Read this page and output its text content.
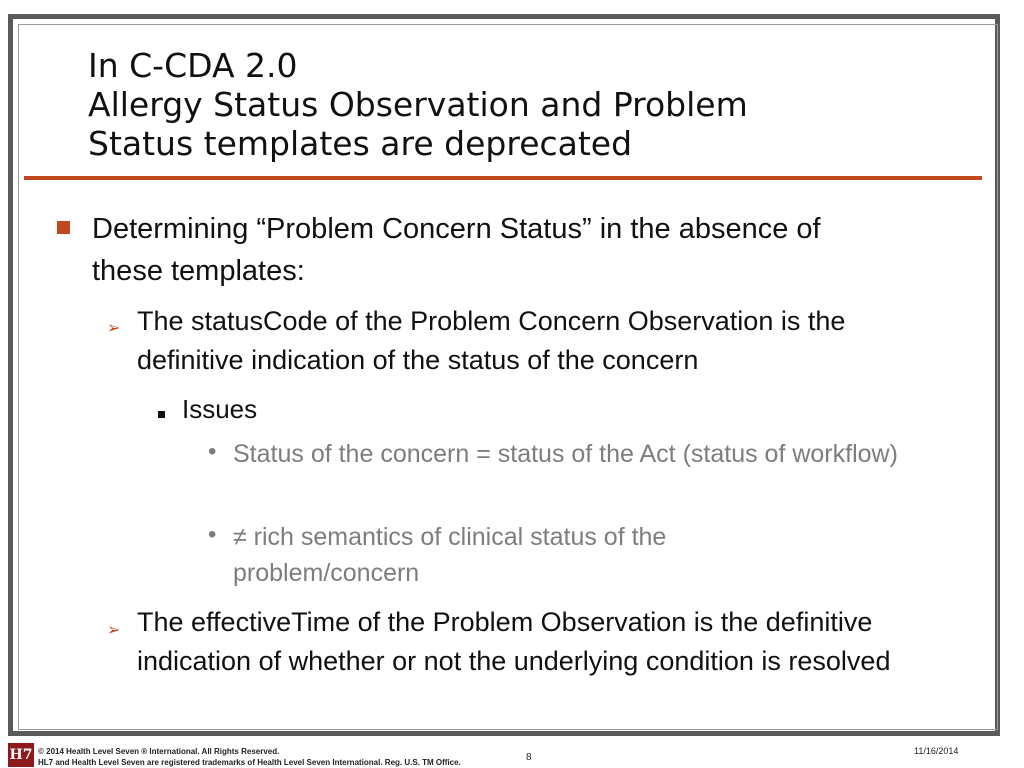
In C-CDA 2.0
Allergy Status Observation and Problem
Status templates are deprecated
Determining “Problem Concern Status” in the absence of these templates:
➢ The statusCode of the Problem Concern Observation is the definitive indication of the status of the concern
Issues
• Status of the concern = status of the Act (status of workflow)
• ≠ rich semantics of clinical status of the problem/concern
➢ The effectiveTime of the Problem Observation is the definitive indication of whether or not the underlying condition is resolved
H7 © 2014 Health Level Seven ® International. All Rights Reserved.
HL7 and Health Level Seven are registered trademarks of Health Level Seven International. Reg. U.S. TM Office.	8
11/16/2014
